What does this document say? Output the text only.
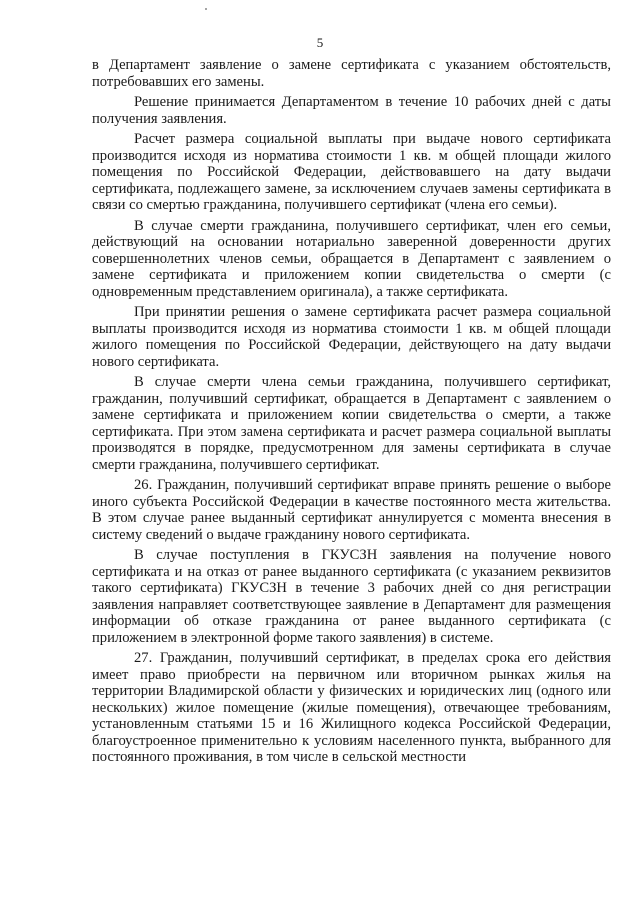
5

в Департамент заявление о замене сертификата с указанием обстоятельств, потребовавших его замены.

Решение принимается Департаментом в течение 10 рабочих дней с даты получения заявления.

Расчет размера социальной выплаты при выдаче нового сертификата производится исходя из норматива стоимости 1 кв. м общей площади жилого помещения по Российской Федерации, действовавшего на дату выдачи сертификата, подлежащего замене, за исключением случаев замены сертификата в связи со смертью гражданина, получившего сертификат (члена его семьи).

В случае смерти гражданина, получившего сертификат, член его семьи, действующий на основании нотариально заверенной доверенности других совершеннолетних членов семьи, обращается в Департамент с заявлением о замене сертификата и приложением копии свидетельства о смерти (с одновременным представлением оригинала), а также сертификата.

При принятии решения о замене сертификата расчет размера социальной выплаты производится исходя из норматива стоимости 1 кв. м общей площади жилого помещения по Российской Федерации, действующего на дату выдачи нового сертификата.

В случае смерти члена семьи гражданина, получившего сертификат, гражданин, получивший сертификат, обращается в Департамент с заявлением о замене сертификата и приложением копии свидетельства о смерти, а также сертификата. При этом замена сертификата и расчет размера социальной выплаты производятся в порядке, предусмотренном для замены сертификата в случае смерти гражданина, получившего сертификат.

26. Гражданин, получивший сертификат вправе принять решение о выборе иного субъекта Российской Федерации в качестве постоянного места жительства. В этом случае ранее выданный сертификат аннулируется с момента внесения в систему сведений о выдаче гражданину нового сертификата.

В случае поступления в ГКУСЗН заявления на получение нового сертификата и на отказ от ранее выданного сертификата (с указанием реквизитов такого сертификата) ГКУСЗН в течение 3 рабочих дней со дня регистрации заявления направляет соответствующее заявление в Департамент для размещения информации об отказе гражданина от ранее выданного сертификата (с приложением в электронной форме такого заявления) в системе.

27. Гражданин, получивший сертификат, в пределах срока его действия имеет право приобрести на первичном или вторичном рынках жилья на территории Владимирской области у физических и юридических лиц (одного или нескольких) жилое помещение (жилые помещения), отвечающее требованиям, установленным статьями 15 и 16 Жилищного кодекса Российской Федерации, благоустроенное применительно к условиям населенного пункта, выбранного для постоянного проживания, в том числе в сельской местности
